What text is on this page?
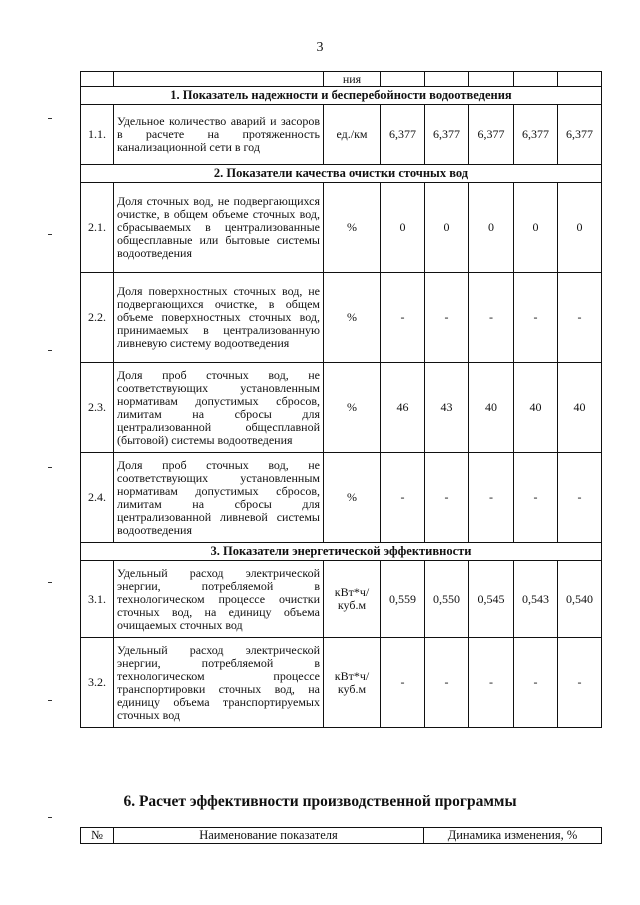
3
		ния					
1. Показатель надежности и бесперебойности водоотведения							
1.1.	Удельное количество аварий и засоров в расчете на протяженность канализационной сети в год	ед./км	6,377	6,377	6,377	6,377	6,377
2. Показатели качества очистки сточных вод							
2.1.	Доля сточных вод, не подвергающихся очистке, в общем объеме сточных вод, сбрасываемых в централизованные общесплавные или бытовые системы водоотведения	%	0	0	0	0	0
2.2.	Доля поверхностных сточных вод, не подвергающихся очистке, в общем объеме поверхностных сточных вод, принимаемых в централизованную ливневую систему водоотведения	%	-	-	-	-	-
2.3.	Доля проб сточных вод, не соответствующих установленным нормативам допустимых сбросов, лимитам на сбросы для централизованной общесплавной (бытовой) системы водоотведения	%	46	43	40	40	40
2.4.	Доля проб сточных вод, не соответствующих установленным нормативам допустимых сбросов, лимитам на сбросы для централизованной ливневой системы водоотведения	%	-	-	-	-	-
3. Показатели энергетической эффективности							
3.1.	Удельный расход электрической энергии, потребляемой в технологическом процессе очистки сточных вод, на единицу объема очищаемых сточных вод	кВт*ч/ куб.м	0,559	0,550	0,545	0,543	0,540
3.2.	Удельный расход электрической энергии, потребляемой в технологическом процессе транспортировки сточных вод, на единицу объема транспортируемых сточных вод	кВт*ч/ куб.м	-	-	-	-	-
6. Расчет эффективности производственной программы
№	Наименование показателя	Динамика изменения, %
